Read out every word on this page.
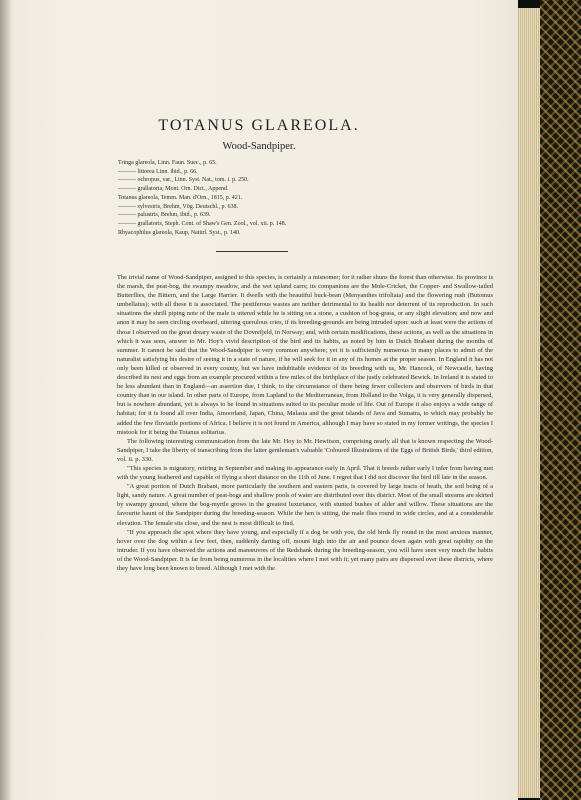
TOTANUS GLAREOLA.
Wood-Sandpiper.
Tringa glareola, Linn. Faun. Suec., p. 65.
——— littorea Linn. ibid., p. 66.
——— ochropus, var., Linn. Syst. Nat., tom. i. p. 250.
——— grallatoria, Mont. Orn. Dict., Append.
Totanus glareola, Temm. Man. d'Orn., 1815, p. 421.
——— sylvestris, Brehm, Vög. Deutschl., p. 638.
——— palustris, Brehm, ibid., p. 639.
——— grallatoris, Steph. Cont. of Shaw's Gen. Zool., vol. xii. p. 148.
Rhyacophilus glareola, Kaup, Natürl. Syst., p. 140.

The trivial name of Wood-Sandpiper, assigned to this species, is certainly a misnomer; for it rather shuns the forest than otherwise. Its province is the marsh, the peat-bog, the swampy meadow, and the wet upland carrs; its companions are the Mole-Cricket, the Copper- and Swallow-tailed Butterflies, the Bittern, and the Large Harrier. It dwells with the beautiful buck-bean (Menyanthes trifoliata) and the flowering rush (Butomus umbellatus); with all these it is associated. The pestiferous wastes are neither detrimental to its health nor deterrent of its reproduction. In such situations the shrill piping note of the male is uttered while he is sitting on a stone, a cushion of bog-grass, or any slight elevation; and now and anon it may be seen circling overheard, uttering querulous cries, if its breeding-grounds are being intruded upon: such at least were the actions of those I observed on the great dreary waste of the Dovrefjeld, in Norway; and, with certain modifications, these actions, as well as the situations in which it was seen, answer to Mr. Hoy's vivid description of the bird and its habits, as noted by him in Dutch Brabant during the months of summer. It cannot be said that the Wood-Sandpiper is very common anywhere; yet it is sufficiently numerous in many places to admit of the naturalist satisfying his desire of seeing it in a state of nature, if he will seek for it in any of its homes at the proper season. In England it has not only been killed or observed in every county, but we have indubitable evidence of its breeding with us, Mr. Hancock, of Newcastle, having described its nest and eggs from an example procured within a few miles of the birthplace of the justly celebrated Bewick. In Ireland it is stated to be less abundant than in England—an assertion due, I think, to the circumstance of there being fewer collectors and observers of birds in that country than in our island. In other parts of Europe, from Lapland to the Mediterranean, from Holland to the Volga, it is very generally dispersed, but is nowhere abundant, yet is always to be found in situations suited to its peculiar mode of life. Out of Europe it also enjoys a wide range of habitat; for it is found all over India, Amoorland, Japan, China, Malasia and the great islands of Java and Sumatra, to which may probably be added the few fluviatile portions of Africa. I believe it is not found in America, although I may have so stated in my former writings, the species I mistook for it being the Totanus solitarius.

The following interesting communication from the late Mr. Hoy to Mr. Hewitson, comprising nearly all that is known respecting the Wood-Sandpiper, I take the liberty of transcribing from the latter gentleman's valuable 'Coloured Illustrations of the Eggs of British Birds,' third edition, vol. ii. p. 330.

"This species is migratory, retiring in September and making its appearance early in April. That it breeds rather early I infer from having met with the young feathered and capable of flying a short distance on the 11th of June. I regret that I did not discover the bird till late in the season.

"A great portion of Dutch Brabant, more particularly the southern and eastern parts, is covered by large tracts of heath, the soil being of a light, sandy nature. A great number of peat-bogs and shallow pools of water are distributed over this district. Most of the small streams are skirted by swampy ground, where the bog-myrtle grows in the greatest luxuriance, with stunted bushes of alder and willow. These situations are the favourite haunt of the Sandpiper during the breeding-season. While the hen is sitting, the male flies round in wide circles, and at a considerable elevation. The female sits close, and the nest is most difficult to find.

"If you approach the spot where they have young, and especially if a dog be with you, the old birds fly round in the most anxious manner, hover over the dog within a few feet, then, suddenly darting off, mount high into the air and pounce down again with great rapidity on the intruder. If you have observed the actions and manœuvres of the Redshank during the breeding-season, you will have seen very much the habits of the Wood-Sandpiper. It is far from being numerous in the localities where I met with it; yet many pairs are dispersed over these districts, where they have long been known to breed. Although I met with the
